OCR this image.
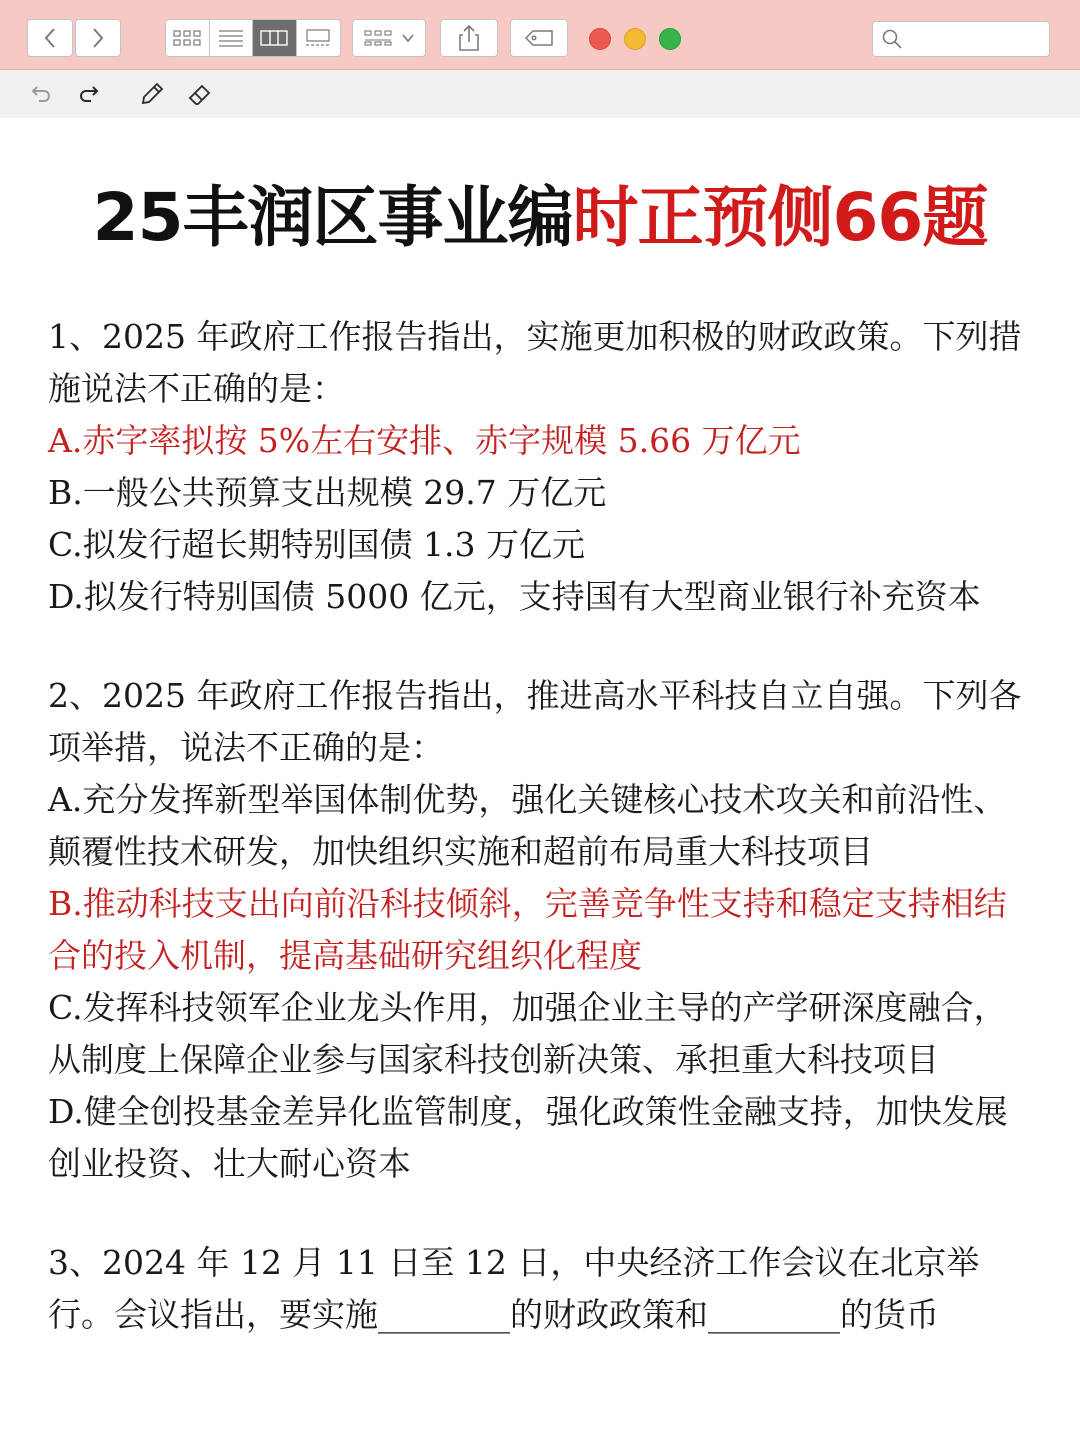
25丰润区事业编时正预侧66题

1、2025 年政府工作报告指出，实施更加积极的财政政策。下列措施说法不正确的是：

A.赤字率拟按 5%左右安排、赤字规模 5.66 万亿元

B.一般公共预算支出规模 29.7 万亿元

C.拟发行超长期特别国债 1.3 万亿元

D.拟发行特别国债 5000 亿元，支持国有大型商业银行补充资本

2、2025 年政府工作报告指出，推进高水平科技自立自强。下列各项举措，说法不正确的是：

A.充分发挥新型举国体制优势，强化关键核心技术攻关和前沿性、颠覆性技术研发，加快组织实施和超前布局重大科技项目

B.推动科技支出向前沿科技倾斜，完善竞争性支持和稳定支持相结合的投入机制，提高基础研究组织化程度

C.发挥科技领军企业龙头作用，加强企业主导的产学研深度融合，从制度上保障企业参与国家科技创新决策、承担重大科技项目

D.健全创投基金差异化监管制度，强化政策性金融支持，加快发展创业投资、壮大耐心资本

3、2024 年 12 月 11 日至 12 日，中央经济工作会议在北京举行。会议指出，要实施________的财政政策和________的货币
